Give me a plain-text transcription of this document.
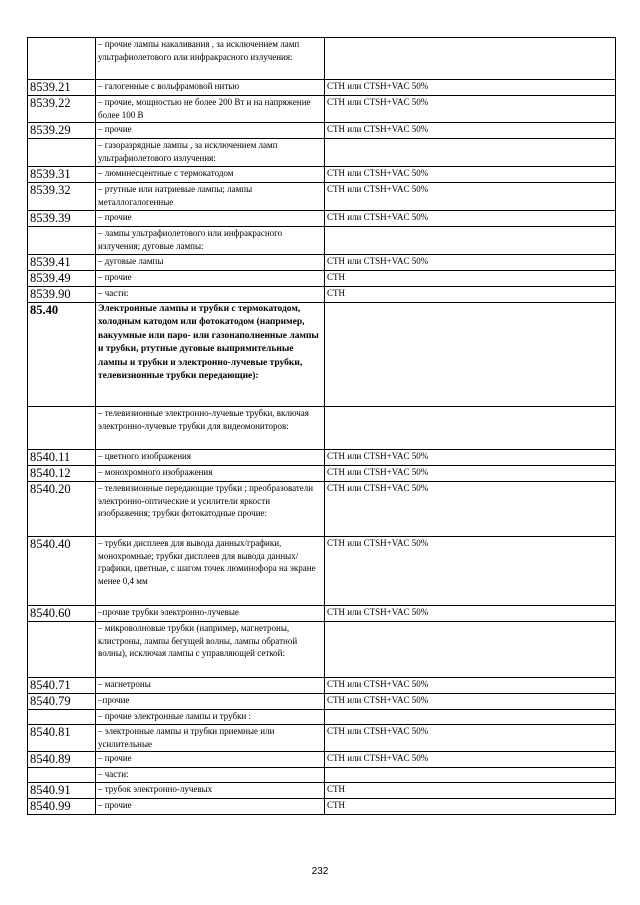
	– прочие лампы накаливания , за исключением ламп ультрафиолетового или инфракрасного излучения:	
8539.21	– галогенные с вольфрамовой нитью	СТН или CTSH+VAC 50%
8539.22	– прочие, мощностью не более 200 Вт и на напряжение более 100 В	СТН или CTSH+VAC 50%
8539.29	– прочие	СТН или CTSH+VAC 50%
	– газоразрядные лампы , за исключением ламп ультрафиолетового излучения:	
8539.31	– люминесцентные с термокатодом	СТН или CTSH+VAC 50%
8539.32	– ртутные или натриевые лампы; лампы металлогалогенные	СТН или CTSH+VAC 50%
8539.39	– прочие	СТН или CTSH+VAC 50%
	– лампы ультрафиолетового или инфракрасного излучения; дуговые лампы:	
8539.41	– дуговые лампы	СТН или CTSH+VAC 50%
8539.49	– прочие	СТН
8539.90	– части:	СТН
85.40	Электронные лампы и трубки с термокатодом, холодным катодом или фотокатодом (например, вакуумные или паро- или газонаполненные лампы и трубки, ртутные дуговые выпрямительные лампы и трубки и электронно-лучевые трубки, телевизионные трубки передающие):	
	– телевизионные электронно-лучевые трубки, включая электронно-лучевые трубки для видеомониторов:	
8540.11	– цветного изображения	СТН или CTSH+VAC 50%
8540.12	– монохромного изображения	СТН или CTSH+VAC 50%
8540.20	– телевизионные передающие трубки ; преобразователи электронно-оптические и усилители яркости изображения; трубки фотокатодные прочие:	СТН или CTSH+VAC 50%
8540.40	– трубки дисплеев для вывода данных/графики, монохромные; трубки дисплеев для вывода данных/ графики, цветные, с шагом точек люминофора на экране менее 0,4 мм	СТН или CTSH+VAC 50%
8540.60	–прочие трубки электронно-лучевые	СТН или CTSH+VAC 50%
	– микроволновые трубки (например, магнетроны, клистроны, лампы бегущей волны, лампы обратной волны), исключая лампы с управляющей сеткой:	
8540.71	– магнетроны	СТН или CTSH+VAC 50%
8540.79	–прочие	СТН или CTSH+VAC 50%
	– прочие электронные лампы и трубки :	
8540.81	– электронные лампы и трубки приемные или усилительные	СТН или CTSH+VAC 50%
8540.89	– прочие	СТН или CTSH+VAC 50%
	– части:	
8540.91	– трубок электронно-лучевых	СТН
8540.99	– прочие	СТН
232
